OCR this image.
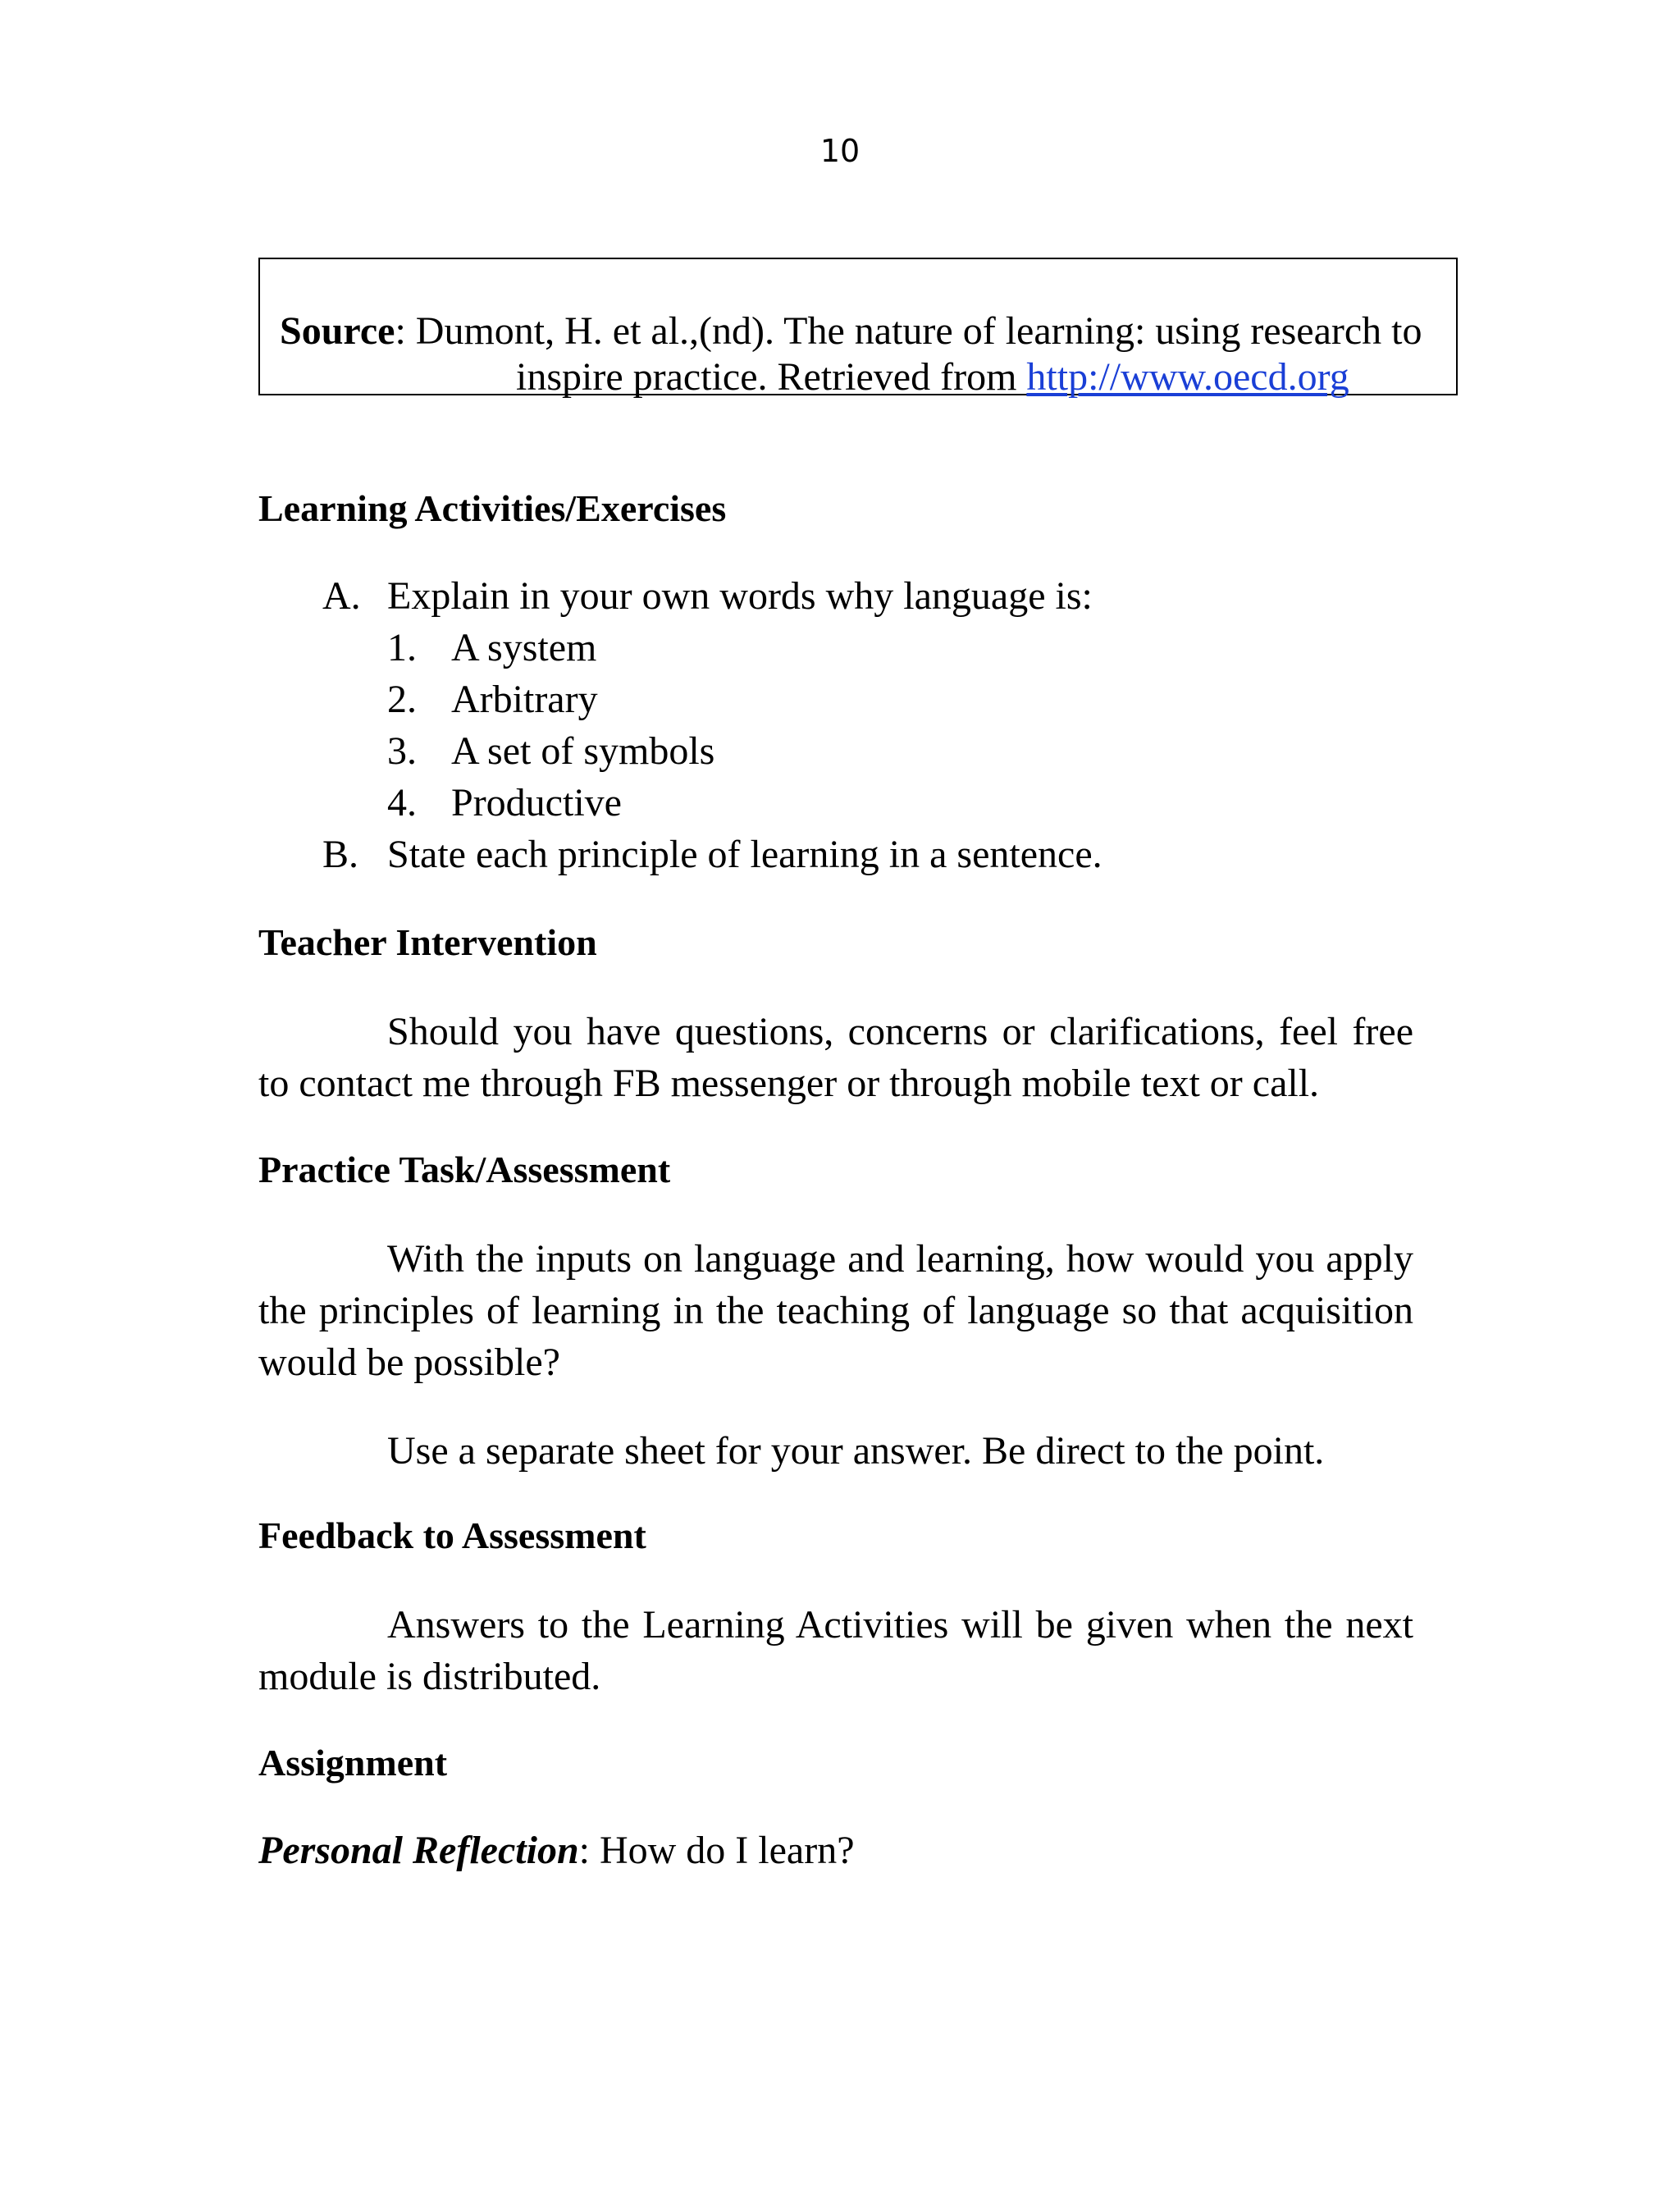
10
Source: Dumont, H. et al.,(nd). The nature of learning: using research to
inspire practice. Retrieved from http://www.oecd.org
Learning Activities/Exercises
A. Explain in your own words why language is:
1. A system
2. Arbitrary
3. A set of symbols
4. Productive
B. State each principle of learning in a sentence.
Teacher Intervention
Should you have questions, concerns or clarifications, feel free to contact me through FB messenger or through mobile text or call.
Practice Task/Assessment
With the inputs on language and learning, how would you apply the principles of learning in the teaching of language so that acquisition would be possible?
Use a separate sheet for your answer. Be direct to the point.
Feedback to Assessment
Answers to the Learning Activities will be given when the next module is distributed.
Assignment
Personal Reflection: How do I learn?
